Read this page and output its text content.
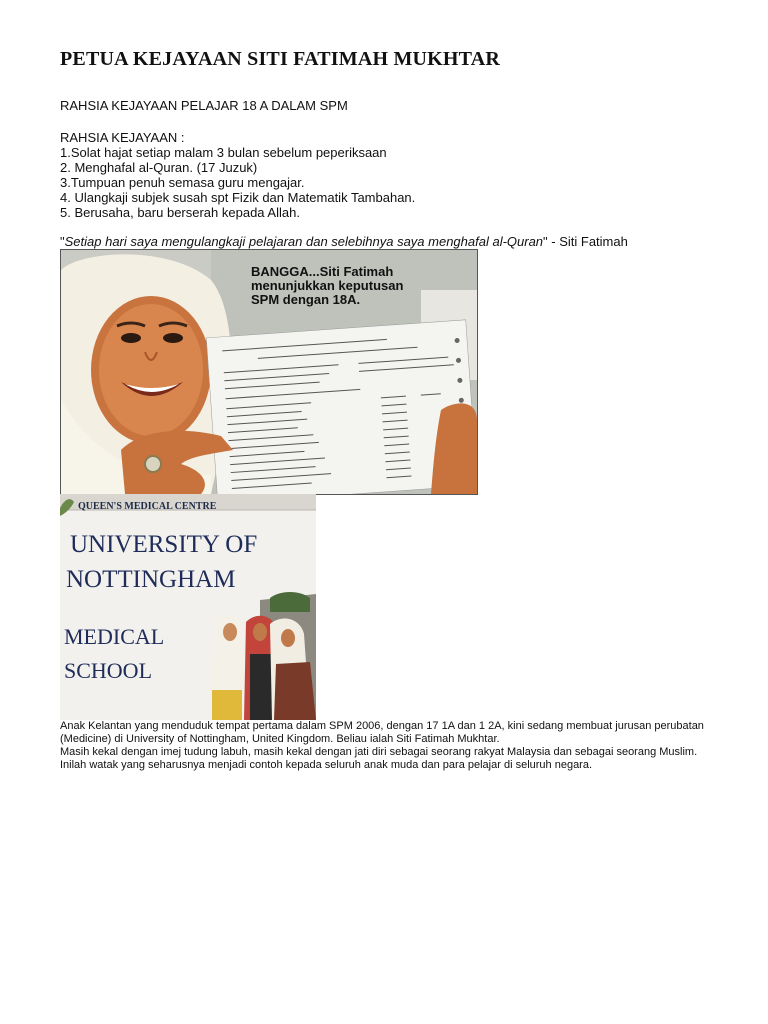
PETUA KEJAYAAN SITI FATIMAH MUKHTAR

RAHSIA KEJAYAAN PELAJAR 18 A DALAM SPM

RAHSIA KEJAYAAN :

1.Solat hajat setiap malam 3 bulan sebelum peperiksaan

2. Menghafal al-Quran. (17 Juzuk)

3.Tumpuan penuh semasa guru mengajar.

4. Ulangkaji subjek susah spt Fizik dan Matematik Tambahan.

5. Berusaha, baru berserah kepada Allah.

"Setiap hari saya mengulangkaji pelajaran dan selebihnya saya menghafal al-Quran" - Siti Fatimah

BANGGA...Siti Fatimah
menunjukkan keputusan
SPM dengan 18A.
QUEEN'S MEDICAL CENTRE
UNIVERSITY OF
NOTTINGHAM
MEDICAL
SCHOOL

Anak Kelantan yang menduduk tempat pertama dalam SPM 2006, dengan 17 1A dan 1 2A, kini sedang membuat jurusan perubatan (Medicine) di University of Nottingham, United Kingdom. Beliau ialah Siti Fatimah Mukhtar.

Masih kekal dengan imej tudung labuh, masih kekal dengan jati diri sebagai seorang rakyat Malaysia dan sebagai seorang Muslim. Inilah watak yang seharusnya menjadi contoh kepada seluruh anak muda dan para pelajar di seluruh negara.
